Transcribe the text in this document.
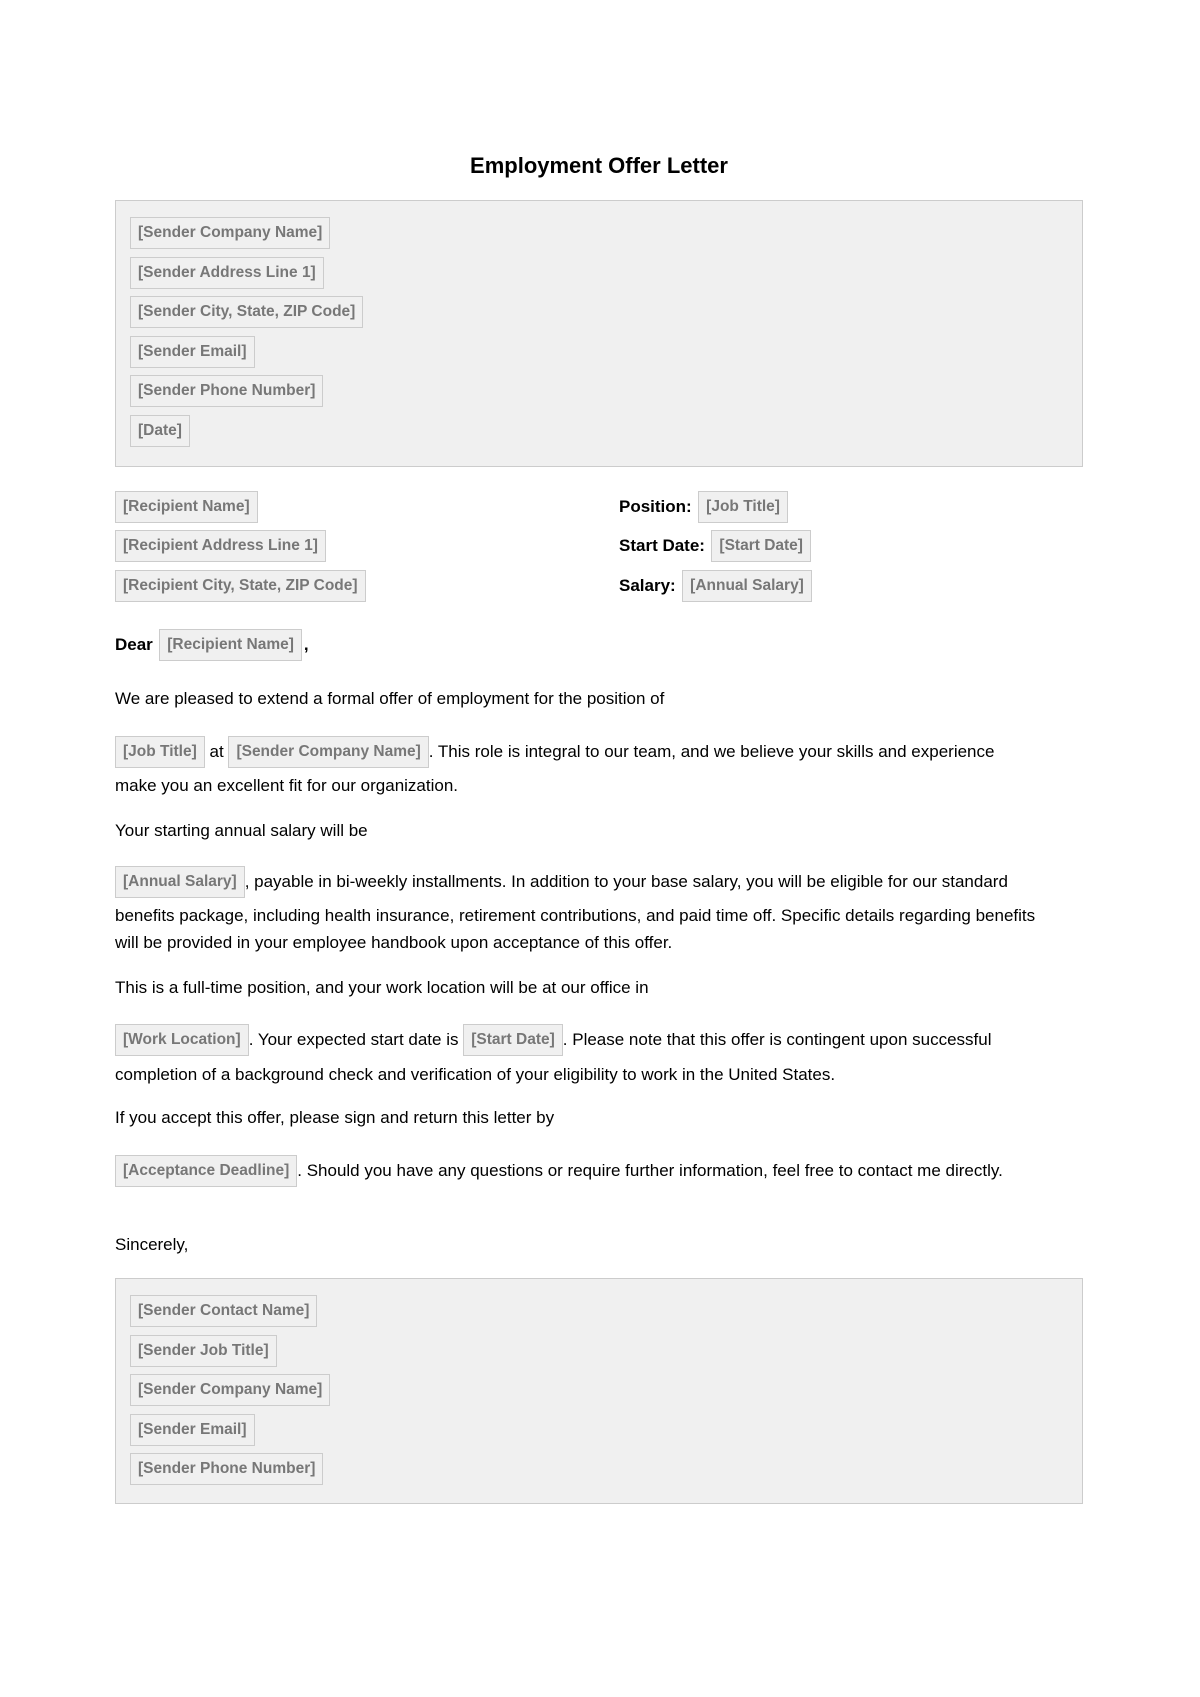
Employment Offer Letter
[Sender Company Name]
[Sender Address Line 1]
[Sender City, State, ZIP Code]
[Sender Email]
[Sender Phone Number]
[Date]
[Recipient Name]
[Recipient Address Line 1]
[Recipient City, State, ZIP Code]
Position: [Job Title]
Start Date: [Start Date]
Salary: [Annual Salary]
Dear [Recipient Name] ,
We are pleased to extend a formal offer of employment for the position of
[Job Title] at [Sender Company Name] . This role is integral to our team, and we believe your skills and experience
make you an excellent fit for our organization.
Your starting annual salary will be
[Annual Salary] , payable in bi-weekly installments. In addition to your base salary, you will be eligible for our standard
benefits package, including health insurance, retirement contributions, and paid time off. Specific details regarding benefits
will be provided in your employee handbook upon acceptance of this offer.
This is a full-time position, and your work location will be at our office in
[Work Location] . Your expected start date is [Start Date] . Please note that this offer is contingent upon successful
completion of a background check and verification of your eligibility to work in the United States.
If you accept this offer, please sign and return this letter by
[Acceptance Deadline] . Should you have any questions or require further information, feel free to contact me directly.
Sincerely,
[Sender Contact Name]
[Sender Job Title]
[Sender Company Name]
[Sender Email]
[Sender Phone Number]
